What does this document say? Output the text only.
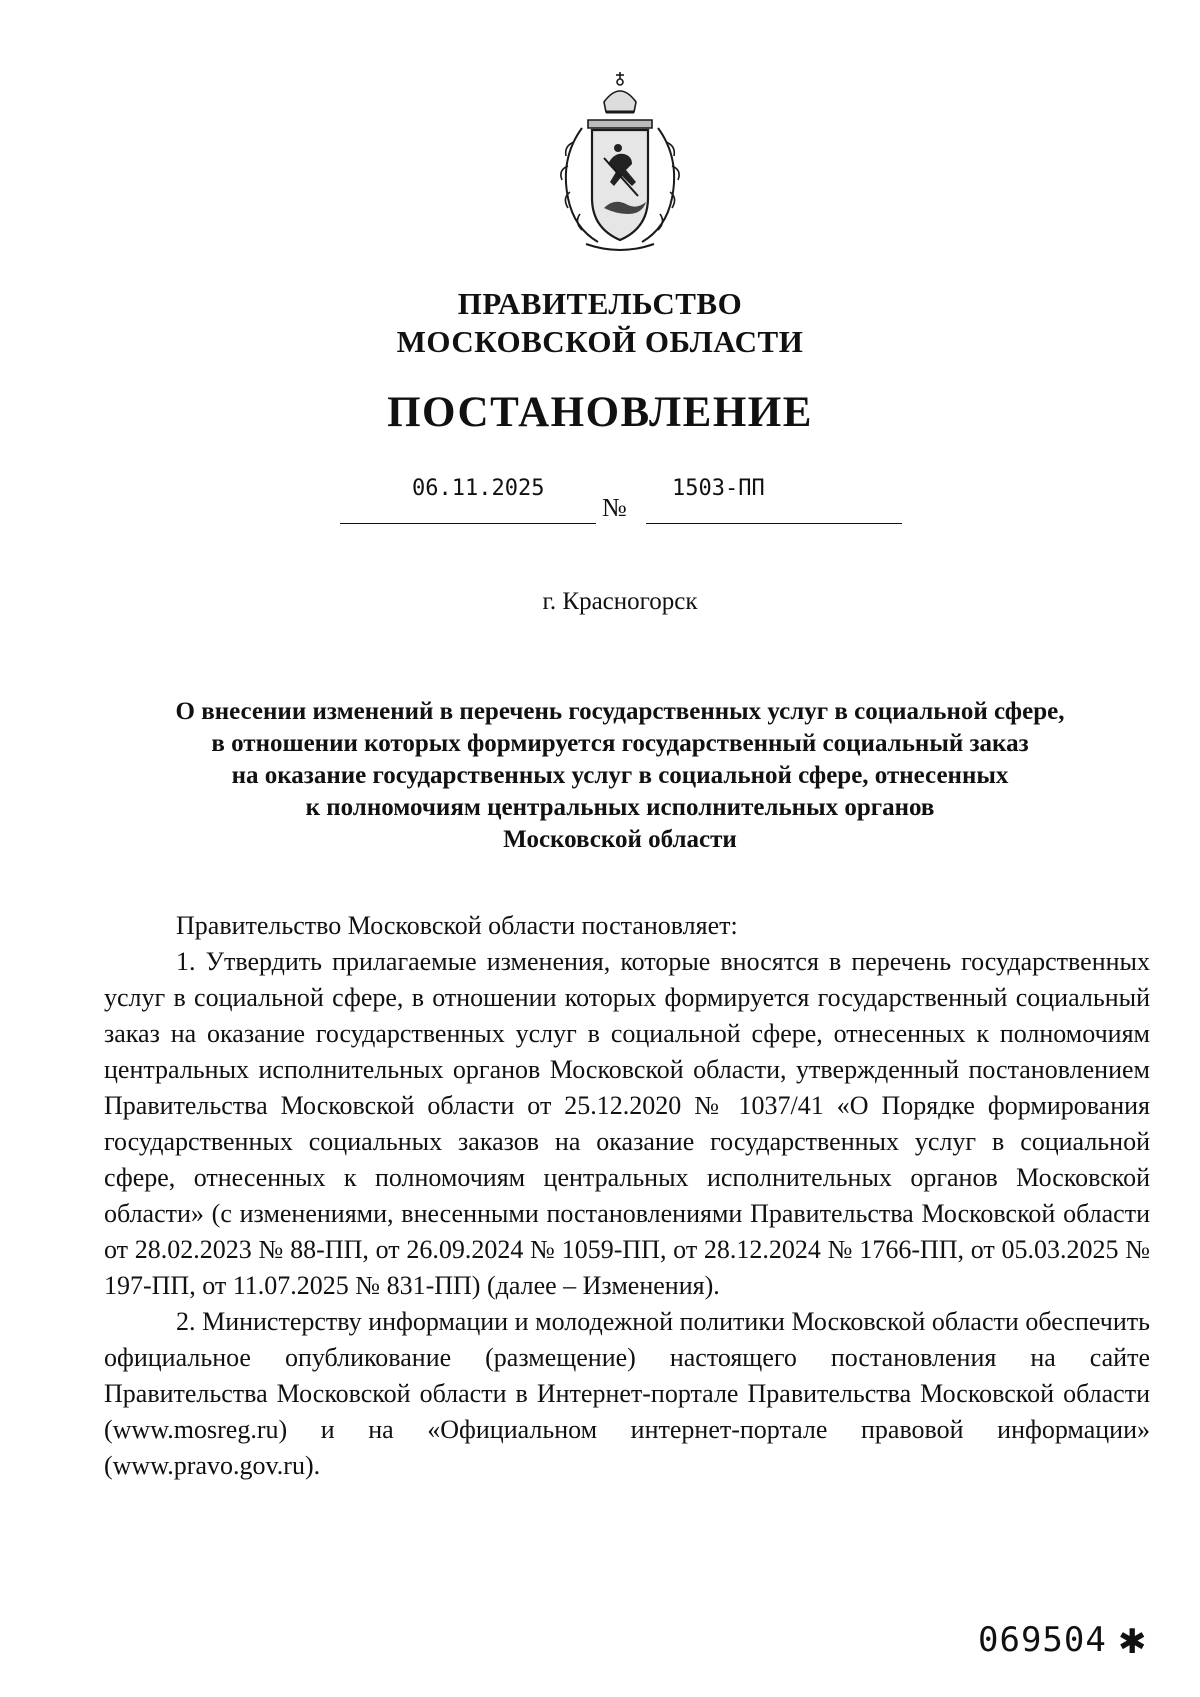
ПРАВИТЕЛЬСТВО
МОСКОВСКОЙ ОБЛАСТИ
ПОСТАНОВЛЕНИЕ
06.11.2025	1503-ПП
№
г. Красногорск
О внесении изменений в перечень государственных услуг в социальной сфере,
в отношении которых формируется государственный социальный заказ
на оказание государственных услуг в социальной сфере, отнесенных
к полномочиям центральных исполнительных органов
Московской области

Правительство Московской области постановляет:

1. Утвердить прилагаемые изменения, которые вносятся в перечень государственных услуг в социальной сфере, в отношении которых формируется государственный социальный заказ на оказание государственных услуг в социальной сфере, отнесенных к полномочиям центральных исполнительных органов Московской области, утвержденный постановлением Правительства Московской области от 25.12.2020 № 1037/41 «О Порядке формирования государственных социальных заказов на оказание государственных услуг в социальной сфере, отнесенных к полномочиям центральных исполнительных органов Московской области» (с изменениями, внесенными постановлениями Правительства Московской области от 28.02.2023 № 88-ПП, от 26.09.2024 № 1059-ПП, от 28.12.2024 № 1766-ПП, от 05.03.2025 № 197-ПП, от 11.07.2025 № 831-ПП) (далее – Изменения).

2. Министерству информации и молодежной политики Московской области обеспечить официальное опубликование (размещение) настоящего постановления на сайте Правительства Московской области в Интернет-портале Правительства Московской области (www.mosreg.ru) и на «Официальном интернет-портале правовой информации» (www.pravo.gov.ru).

069504 ✱
